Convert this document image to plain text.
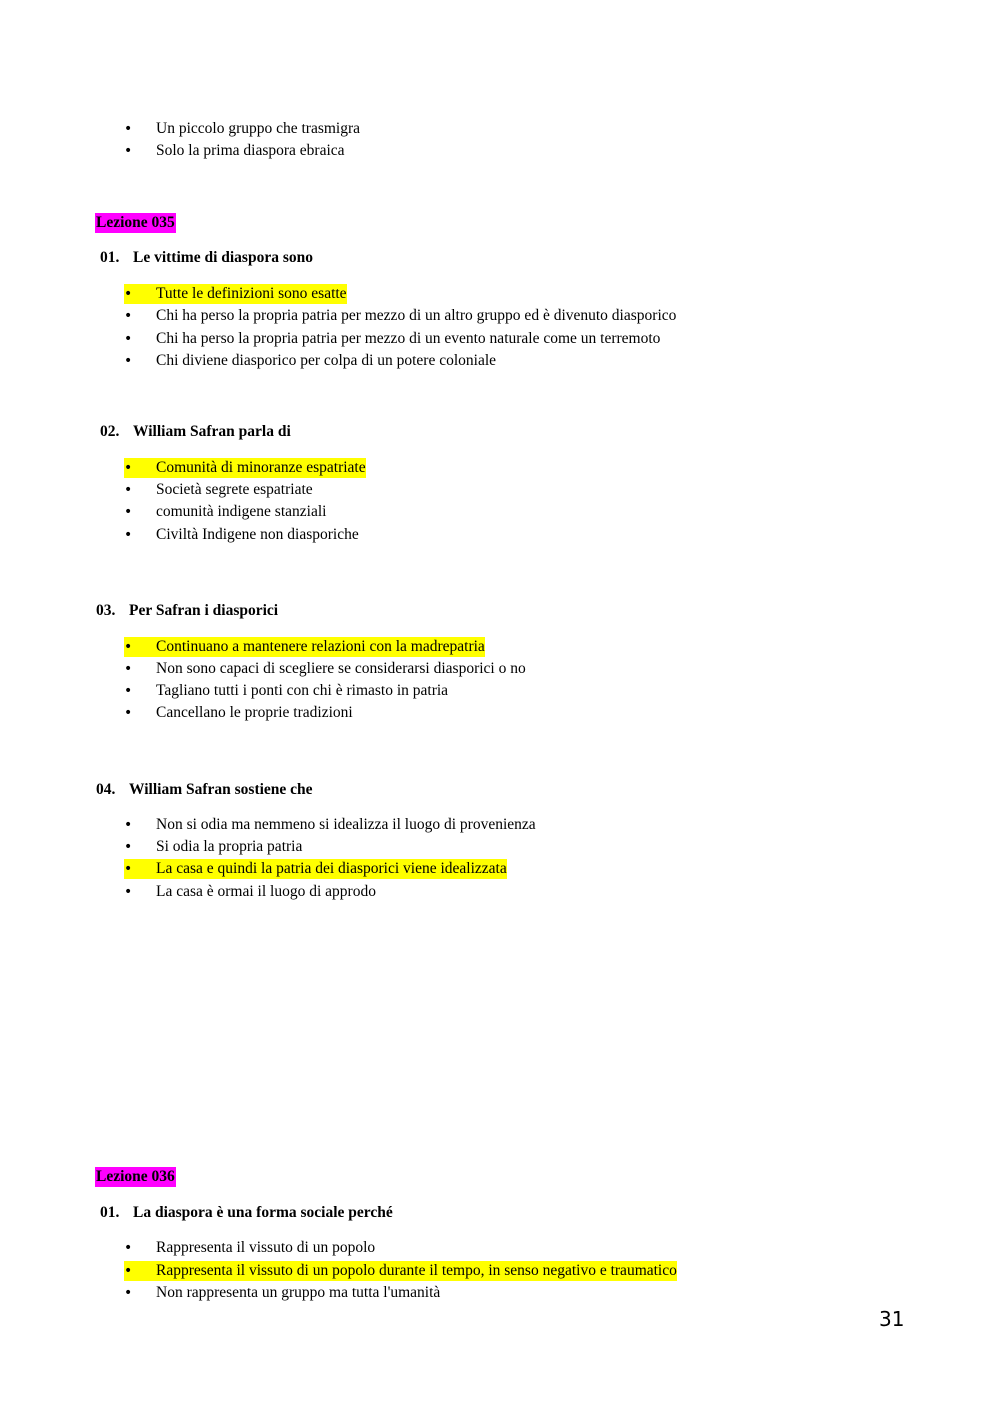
•Un piccolo gruppo che trasmigra
•Solo la prima diaspora ebraica
Lezione 035
01. Le vittime di diaspora sono
•Tutte le definizioni sono esatte
•Chi ha perso la propria patria per mezzo di un altro gruppo ed è divenuto diasporico
•Chi ha perso la propria patria per mezzo di un evento naturale come un terremoto
•Chi diviene diasporico per colpa di un potere coloniale
02. William Safran parla di
•Comunità di minoranze espatriate
•Società segrete espatriate
•comunità indigene stanziali
•Civiltà Indigene non diasporiche
03. Per Safran i diasporici
•Continuano a mantenere relazioni con la madrepatria
•Non sono capaci di scegliere se considerarsi diasporici o no
•Tagliano tutti i ponti con chi è rimasto in patria
•Cancellano le proprie tradizioni
04. William Safran sostiene che
•Non si odia ma nemmeno si idealizza il luogo di provenienza
•Si odia la propria patria
•La casa e quindi la patria dei diasporici viene idealizzata
•La casa è ormai il luogo di approdo
Lezione 036
01. La diaspora è una forma sociale perché
•Rappresenta il vissuto di un popolo
•Rappresenta il vissuto di un popolo durante il tempo, in senso negativo e traumatico
•Non rappresenta un gruppo ma tutta l'umanità
31
